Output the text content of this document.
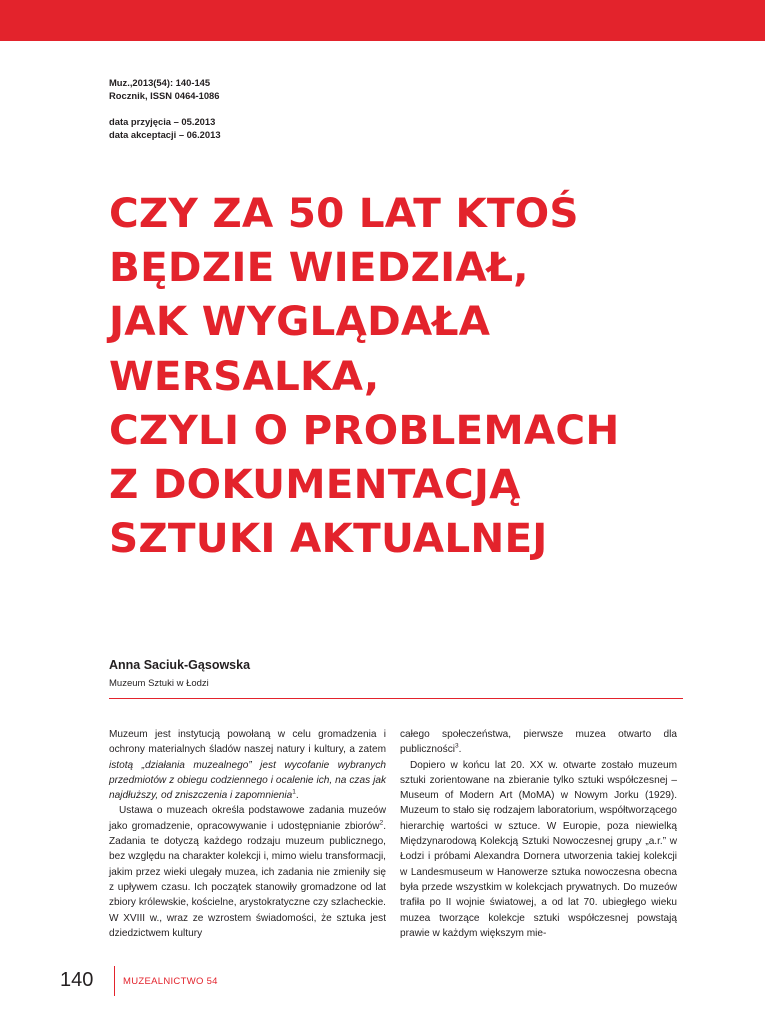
Muz.,2013(54): 140-145
Rocznik, ISSN 0464-1086
data przyjęcia – 05.2013
data akceptacji – 06.2013
CZY ZA 50 LAT KTOŚ
BĘDZIE WIEDZIAŁ,
JAK WYGLĄDAŁA
WERSALKA,
CZYLI O PROBLEMACH
Z DOKUMENTACJĄ
SZTUKI AKTUALNEJ
Anna Saciuk-Gąsowska
Muzeum Sztuki w Łodzi

Muzeum jest instytucją powołaną w celu gromadzenia i ochrony materialnych śladów naszej natury i kultury, a zatem istotą „działania muzealnego” jest wycofanie wybranych przedmiotów z obiegu codziennego i ocalenie ich, na czas jak najdłuższy, od zniszczenia i zapomnienia$^1$.

Ustawa o muzeach określa podstawowe zadania muzeów jako gromadzenie, opracowywanie i udostępnianie zbiorów$^2$. Zadania te dotyczą każdego rodzaju muzeum publicznego, bez względu na charakter kolekcji i, mimo wielu transformacji, jakim przez wieki ulegały muzea, ich zadania nie zmieniły się z upływem czasu. Ich początek stanowiły gromadzone od lat zbiory królewskie, kościelne, arystokratyczne czy szlacheckie. W XVIII w., wraz ze wzrostem świadomości, że sztuka jest dziedzictwem kultury

całego społeczeństwa, pierwsze muzea otwarto dla publiczności$^3$.

Dopiero w końcu lat 20. XX w. otwarte zostało muzeum sztuki zorientowane na zbieranie tylko sztuki współczesnej – Museum of Modern Art (MoMA) w Nowym Jorku (1929). Muzeum to stało się rodzajem laboratorium, współtworzącego hierarchię wartości w sztuce. W Europie, poza niewielką Międzynarodową Kolekcją Sztuki Nowoczesnej grupy „a.r.” w Łodzi i próbami Alexandra Dornera utworzenia takiej kolekcji w Landesmuseum w Hanowerze sztuka nowoczesna obecna była przede wszystkim w kolekcjach prywatnych. Do muzeów trafiła po II wojnie światowej, a od lat 70. ubiegłego wieku muzea tworzące kolekcje sztuki współczesnej powstają prawie w każdym większym mie-

140	MUZEALNICTWO 54
